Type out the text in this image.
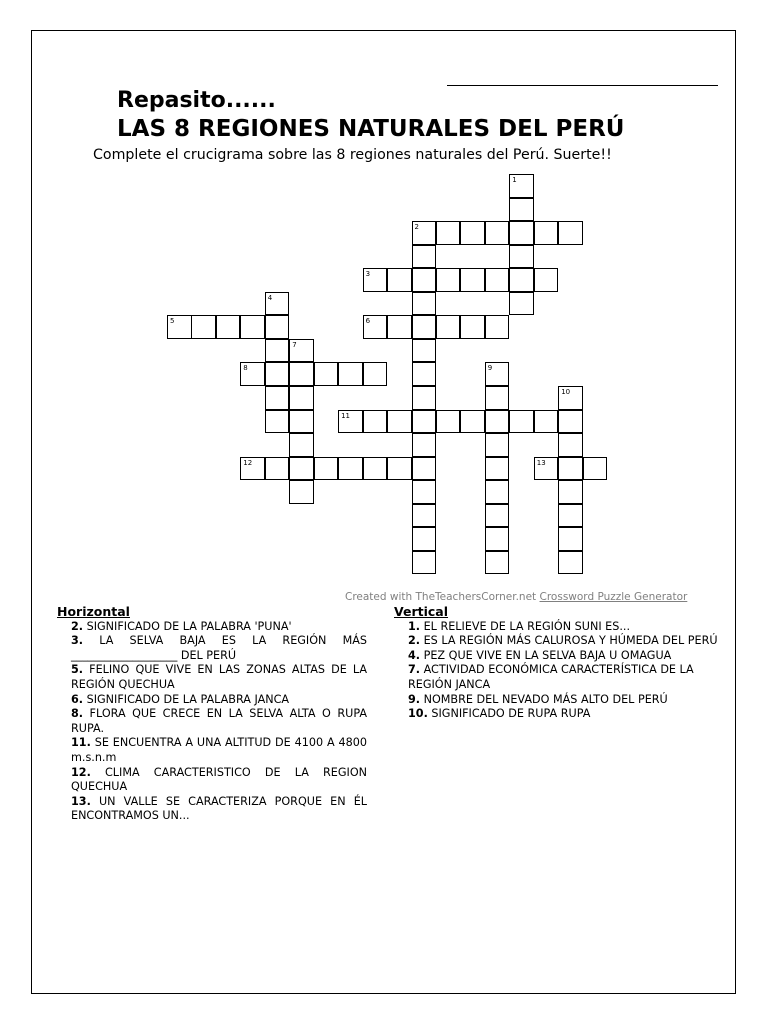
Repasito......
LAS 8 REGIONES NATURALES DEL PERÚ
Complete el crucigrama sobre las 8 regiones naturales del Perú. Suerte!!
1
2
3
4
5	6
7
8	9
10
11
12	13
Created with TheTeachersCorner.net Crossword Puzzle Generator
Horizontal
2. SIGNIFICADO DE LA PALABRA 'PUNA'
3. LA SELVA BAJA ES LA REGIÓN MÁS ___________________ DEL PERÚ
5. FELINO QUE VIVE EN LAS ZONAS ALTAS DE LA REGIÓN QUECHUA
6. SIGNIFICADO DE LA PALABRA JANCA
8. FLORA QUE CRECE EN LA SELVA ALTA O RUPA RUPA.
11. SE ENCUENTRA A UNA ALTITUD DE 4100 A 4800 m.s.n.m
12. CLIMA CARACTERISTICO DE LA REGION QUECHUA
13. UN VALLE SE CARACTERIZA PORQUE EN ÉL ENCONTRAMOS UN...
Vertical
1. EL RELIEVE DE LA REGIÓN SUNI ES...
2. ES LA REGIÓN MÁS CALUROSA Y HÚMEDA DEL PERÚ
4. PEZ QUE VIVE EN LA SELVA BAJA U OMAGUA
7. ACTIVIDAD ECONÓMICA CARACTERÍSTICA DE LA REGIÓN JANCA
9. NOMBRE DEL NEVADO MÁS ALTO DEL PERÚ
10. SIGNIFICADO DE RUPA RUPA
